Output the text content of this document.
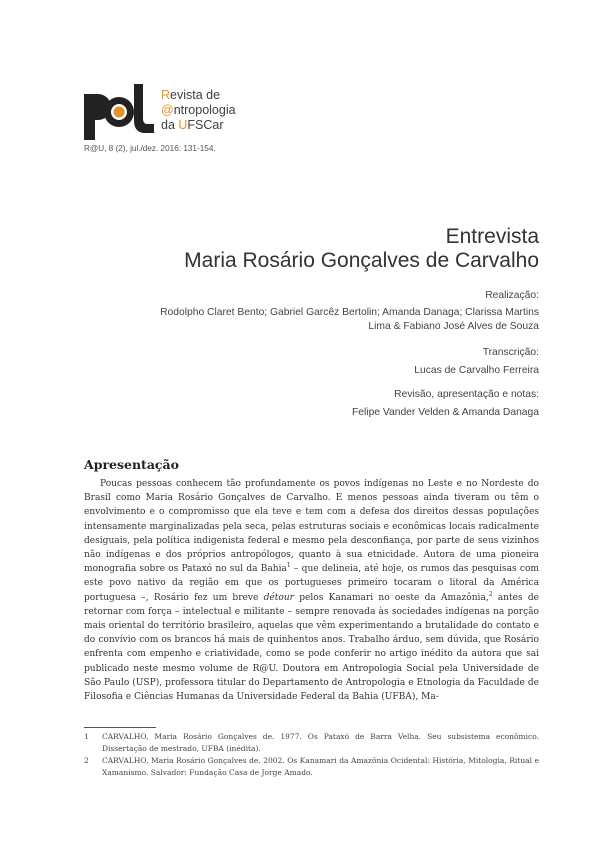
Revista de
@ntropologia
da UFSCar
R@U, 8 (2), jul./dez. 2016: 131-154.
Entrevista
Maria Rosário Gonçalves de Carvalho
Realização:
Rodolpho Claret Bento; Gabriel Garcêz Bertolin; Amanda Danaga; Clarissa Martins
Lima & Fabiano José Alves de Souza
Transcrição:
Lucas de Carvalho Ferreira
Revisão, apresentação e notas:
Felipe Vander Velden & Amanda Danaga
Apresentação

Poucas pessoas conhecem tão profundamente os povos indígenas no Leste e no Nordeste do Brasil como Maria Rosário Gonçalves de Carvalho. E menos pessoas ainda tiveram ou têm o envolvimento e o compromisso que ela teve e tem com a defesa dos direitos dessas populações intensamente marginalizadas pela seca, pelas estruturas sociais e econômicas locais radicalmente desiguais, pela política indigenista federal e mesmo pela desconfiança, por parte de seus vizinhos não indígenas e dos próprios antropólogos, quanto à sua etnicidade. Autora de uma pioneira monografia sobre os Pataxó no sul da Bahia$^1$ – que delineia, até hoje, os rumos das pesquisas com este povo nativo da região em que os portugueses primeiro tocaram o litoral da América portuguesa –, Rosário fez um breve détour pelos Kanamari no oeste da Amazônia,$^2$ antes de retornar com força – intelectual e militante – sempre renovada às sociedades indígenas na porção mais oriental do território brasileiro, aquelas que vêm experimentando a brutalidade do contato e do convívio com os brancos há mais de quinhentos anos. Trabalho árduo, sem dúvida, que Rosário enfrenta com empenho e criatividade, como se pode conferir no artigo inédito da autora que sai publicado neste mesmo volume de R@U. Doutora em Antropologia Social pela Universidade de São Paulo (USP), professora titular do Departamento de Antropologia e Etnologia da Faculdade de Filosofia e Ciências Humanas da Universidade Federal da Bahia (UFBA), Ma-

1 CARVALHO, Maria Rosário Gonçalves de. 1977. Os Pataxó de Barra Velha. Seu subsistema econômico. Dissertação de mestrado, UFBA (inédita).
2 CARVALHO, Maria Rosário Gonçalves de. 2002. Os Kanamari da Amazônia Ocidental: História, Mitologia, Ritual e Xamanismo. Salvador: Fundação Casa de Jorge Amado.
